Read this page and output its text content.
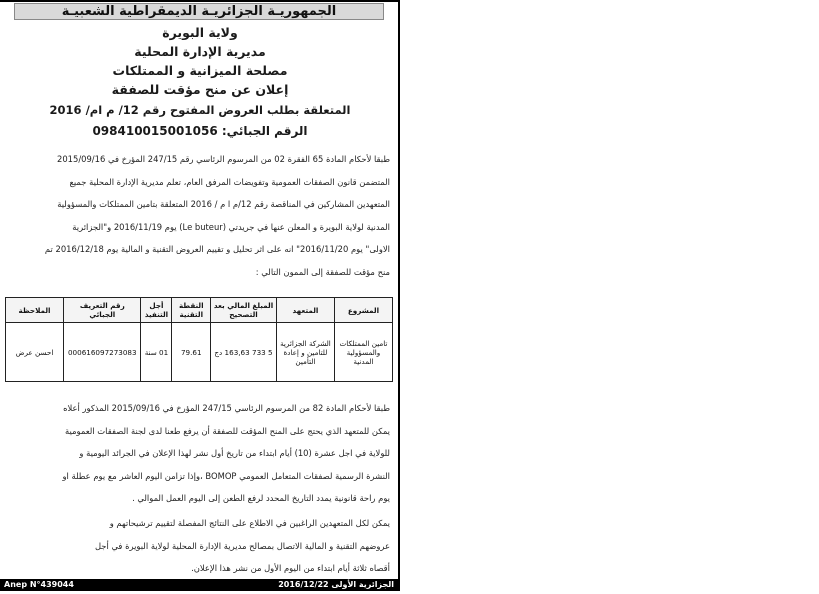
الجمهوريـة الجزائريـة الديمقراطية الشعبيـة
ولاية البويرة
مديرية الإدارة المحلية
مصلحة الميزانية و الممتلكات
إعلان عن منح مؤقت للصفقة
المتعلقة بطلب العروض المفتوح رقم 12/ م ام/ 2016
الرقم الجبائي: 098410015001056

طبقا لأحكام المادة 65 الفقرة 02 من المرسوم الرئاسي رقم 247/15 المؤرخ في 2015/09/16

المتضمن قانون الصفقات العمومية وتفويضات المرفق العام، تعلم مديرية الإدارة المحلية جميع

المتعهدين المشاركين في المناقصة رقم 12/م ا م / 2016 المتعلقة بتامين الممتلكات والمسؤولية

المدنية لولاية البويرة و المعلن عنها في جريدتي (Le buteur) يوم 2016/11/19 و"الجزائرية

الاولى" يوم 2016/11/20" انه على اثر تحليل و تقييم العروض التقنية و المالية يوم 2016/12/18 تم

منح مؤقت للصفقة إلى الممون التالي :

المشروع	المتعهد	المبلغ المالي بعد التصحيح	النقطة التقنية	أجل التنفيذ	رقم التعريف الجبائي	الملاحظة
تامين الممتلكات والمسؤولية المدنية	الشركة الجزائرية للتامين و إعادة التأمين	5 733 163,63 دج	79.61	01 سنة	000616097273083	احسن عرض

طبقا لأحكام المادة 82 من المرسوم الرئاسي 247/15 المؤرخ في 2015/09/16 المذكور أعلاه

يمكن للمتعهد الذي يحتج على المنح المؤقت للصفقة أن يرفع طعنا لدى لجنة الصفقات العمومية

للولاية في اجل عشرة (10) أيام ابتداء من تاريخ أول نشر لهذا الإعلان في الجرائد اليومية و

النشرة الرسمية لصفقات المتعامل العمومي BOMOP ،وإذا تزامن اليوم العاشر مع يوم عطلة او

يوم راحة قانونية يمدد التاريخ المحدد لرفع الطعن إلى اليوم العمل الموالي .

يمكن لكل المتعهدين الراغبين في الاطلاع على النتائج المفصلة لتقييم ترشيحاتهم و

عروضهم التقنية و المالية الاتصال بمصالح مديرية الإدارة المحلية لولاية البويرة في أجل

أقصاه ثلاثة أيام ابتداء من اليوم الأول من نشر هذا الإعلان.

Anep N°439044	الجزائرية الأولى 2016/12/22
